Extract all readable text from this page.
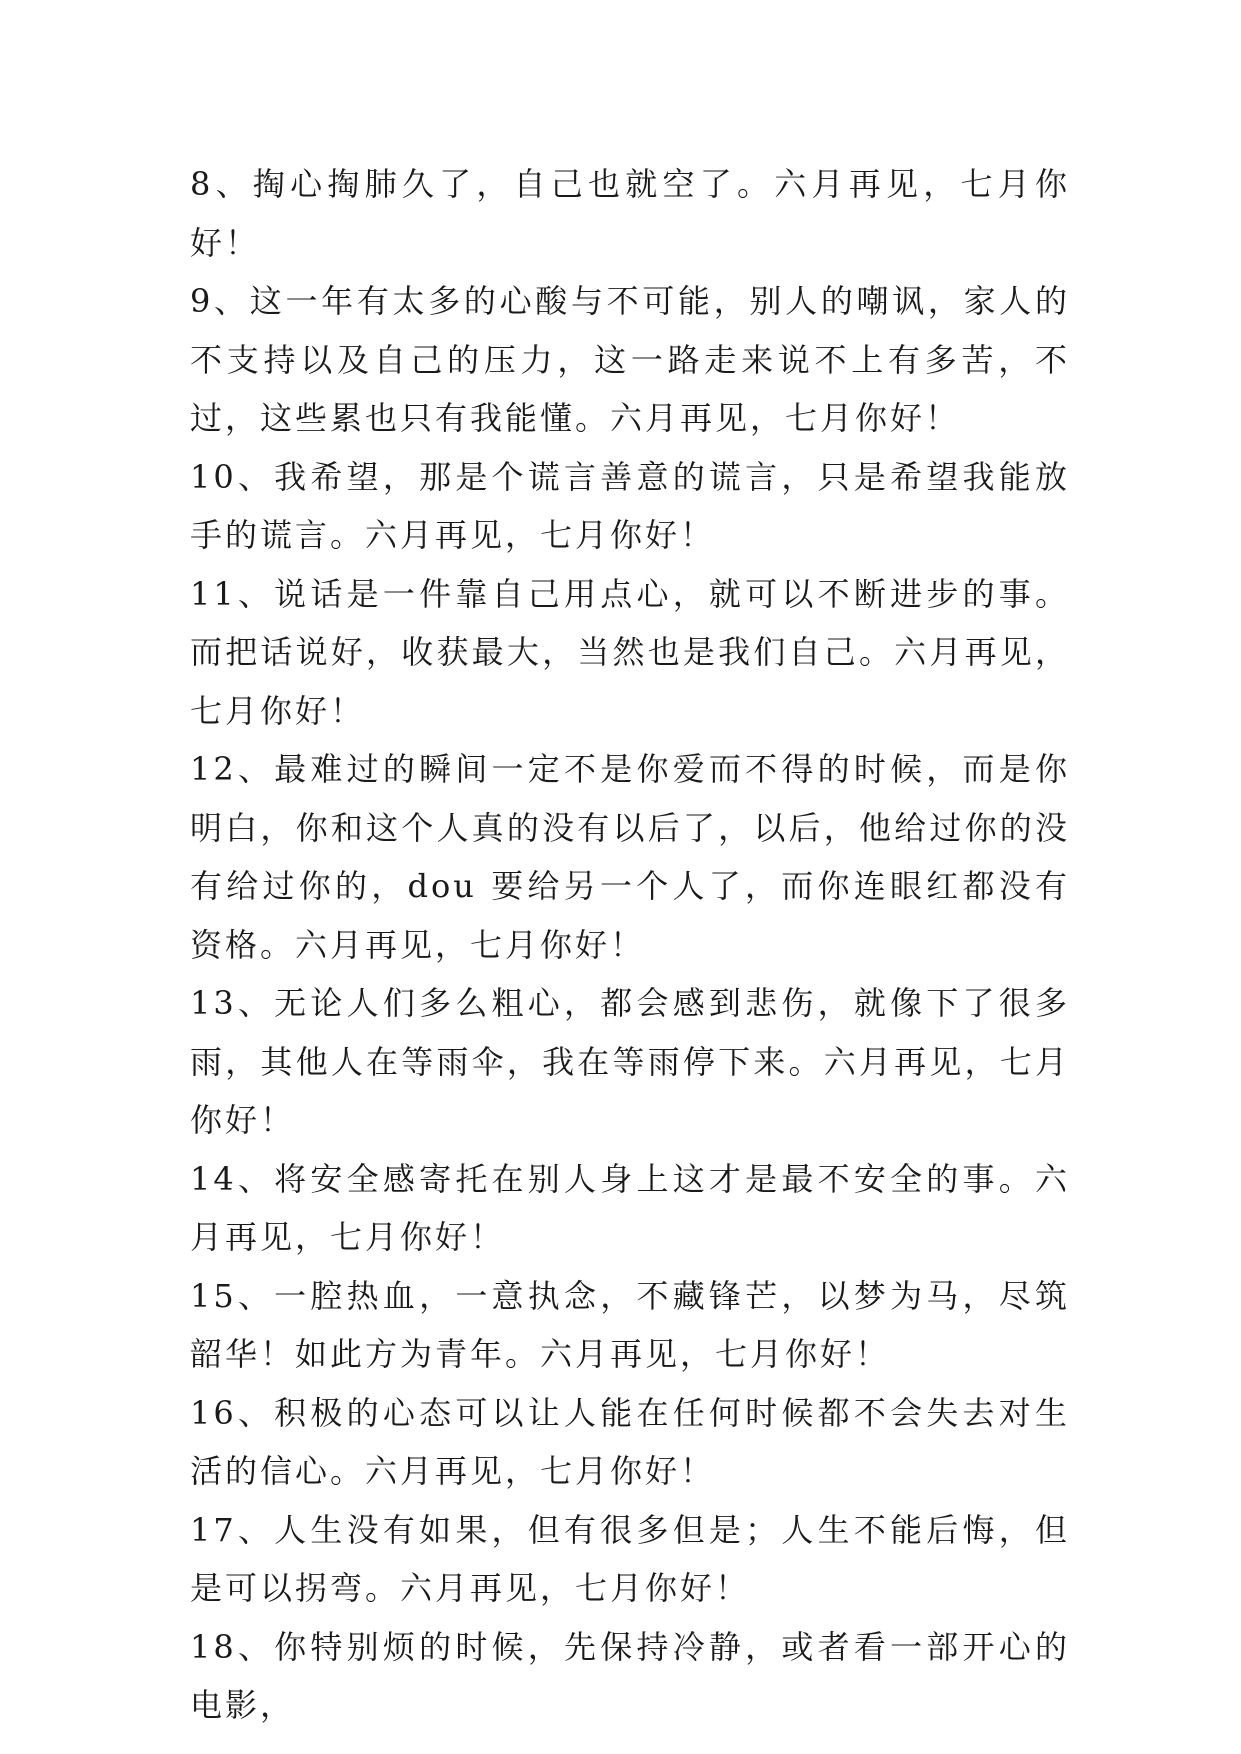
8、掏心掏肺久了，自己也就空了。六月再见，七月你好！

9、这一年有太多的心酸与不可能，别人的嘲讽，家人的不支持以及自己的压力，这一路走来说不上有多苦，不过，这些累也只有我能懂。六月再见，七月你好！

10、我希望，那是个谎言善意的谎言，只是希望我能放手的谎言。六月再见，七月你好！

11、说话是一件靠自己用点心，就可以不断进步的事。而把话说好，收获最大，当然也是我们自己。六月再见，七月你好！

12、最难过的瞬间一定不是你爱而不得的时候，而是你明白，你和这个人真的没有以后了，以后，他给过你的没有给过你的，dou 要给另一个人了，而你连眼红都没有资格。六月再见，七月你好！

13、无论人们多么粗心，都会感到悲伤，就像下了很多雨，其他人在等雨伞，我在等雨停下来。六月再见，七月你好！

14、将安全感寄托在别人身上这才是最不安全的事。六月再见，七月你好！

15、一腔热血，一意执念，不藏锋芒，以梦为马，尽筑韶华！如此方为青年。六月再见，七月你好！

16、积极的心态可以让人能在任何时候都不会失去对生活的信心。六月再见，七月你好！

17、人生没有如果，但有很多但是；人生不能后悔，但是可以拐弯。六月再见，七月你好！

18、你特别烦的时候，先保持冷静，或者看一部开心的电影，
